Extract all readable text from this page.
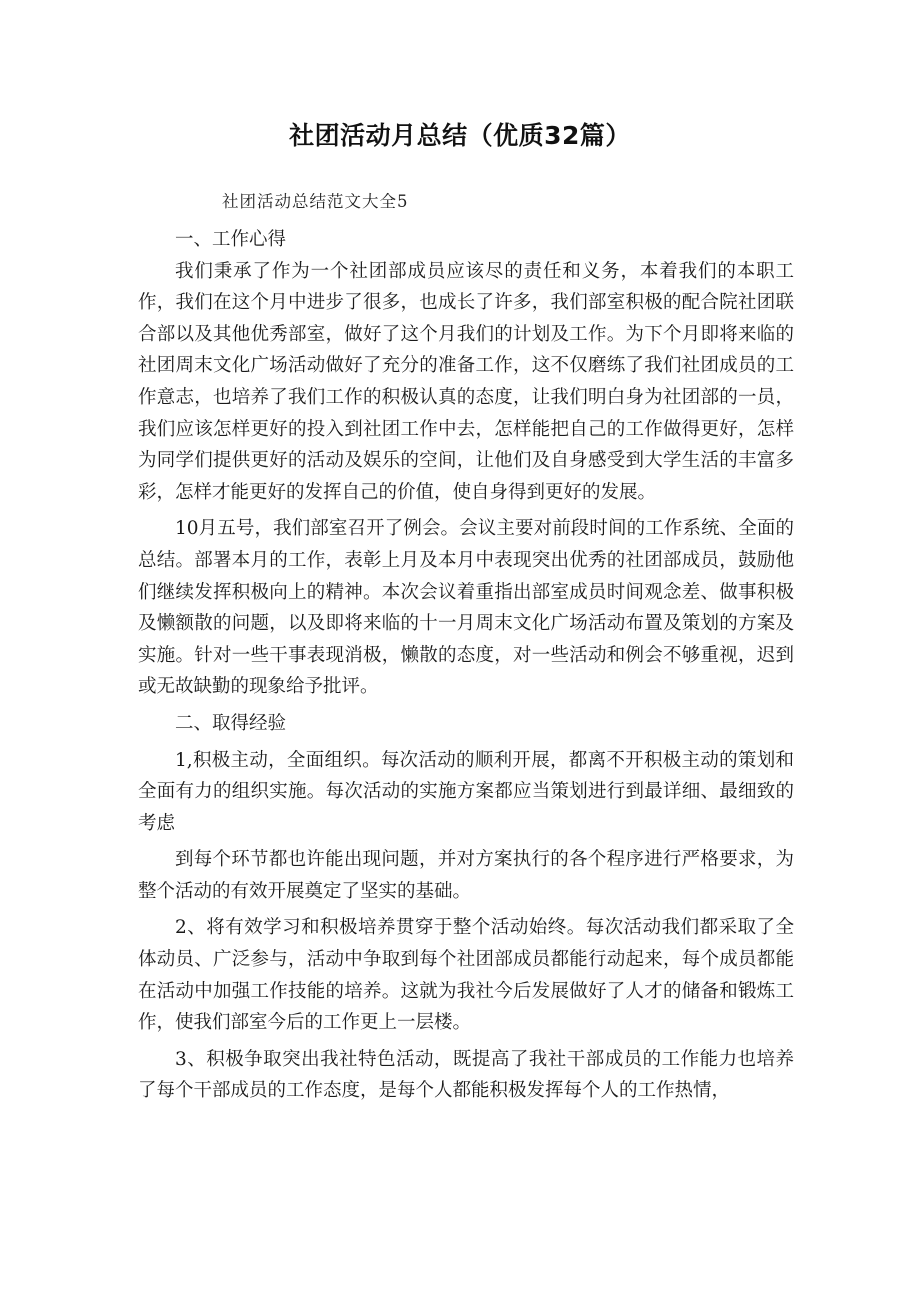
社团活动月总结（优质32篇）
社团活动总结范文大全5

一、工作心得

我们秉承了作为一个社团部成员应该尽的责任和义务，本着我们的本职工作，我们在这个月中进步了很多，也成长了许多，我们部室积极的配合院社团联合部以及其他优秀部室，做好了这个月我们的计划及工作。为下个月即将来临的社团周末文化广场活动做好了充分的准备工作，这不仅磨练了我们社团成员的工作意志，也培养了我们工作的积极认真的态度，让我们明白身为社团部的一员，我们应该怎样更好的投入到社团工作中去，怎样能把自己的工作做得更好，怎样为同学们提供更好的活动及娱乐的空间，让他们及自身感受到大学生活的丰富多彩，怎样才能更好的发挥自己的价值，使自身得到更好的发展。

10月五号，我们部室召开了例会。会议主要对前段时间的工作系统、全面的总结。部署本月的工作，表彰上月及本月中表现突出优秀的社团部成员，鼓励他们继续发挥积极向上的精神。本次会议着重指出部室成员时间观念差、做事积极及懒额散的问题，以及即将来临的十一月周末文化广场活动布置及策划的方案及实施。针对一些干事表现消极，懒散的态度，对一些活动和例会不够重视，迟到或无故缺勤的现象给予批评。

二、取得经验

1,积极主动，全面组织。每次活动的顺利开展，都离不开积极主动的策划和全面有力的组织实施。每次活动的实施方案都应当策划进行到最详细、最细致的考虑

到每个环节都也许能出现问题，并对方案执行的各个程序进行严格要求，为整个活动的有效开展奠定了坚实的基础。

2、将有效学习和积极培养贯穿于整个活动始终。每次活动我们都采取了全体动员、广泛参与，活动中争取到每个社团部成员都能行动起来，每个成员都能在活动中加强工作技能的培养。这就为我社今后发展做好了人才的储备和锻炼工作，使我们部室今后的工作更上一层楼。

3、积极争取突出我社特色活动，既提高了我社干部成员的工作能力也培养了每个干部成员的工作态度，是每个人都能积极发挥每个人的工作热情，
